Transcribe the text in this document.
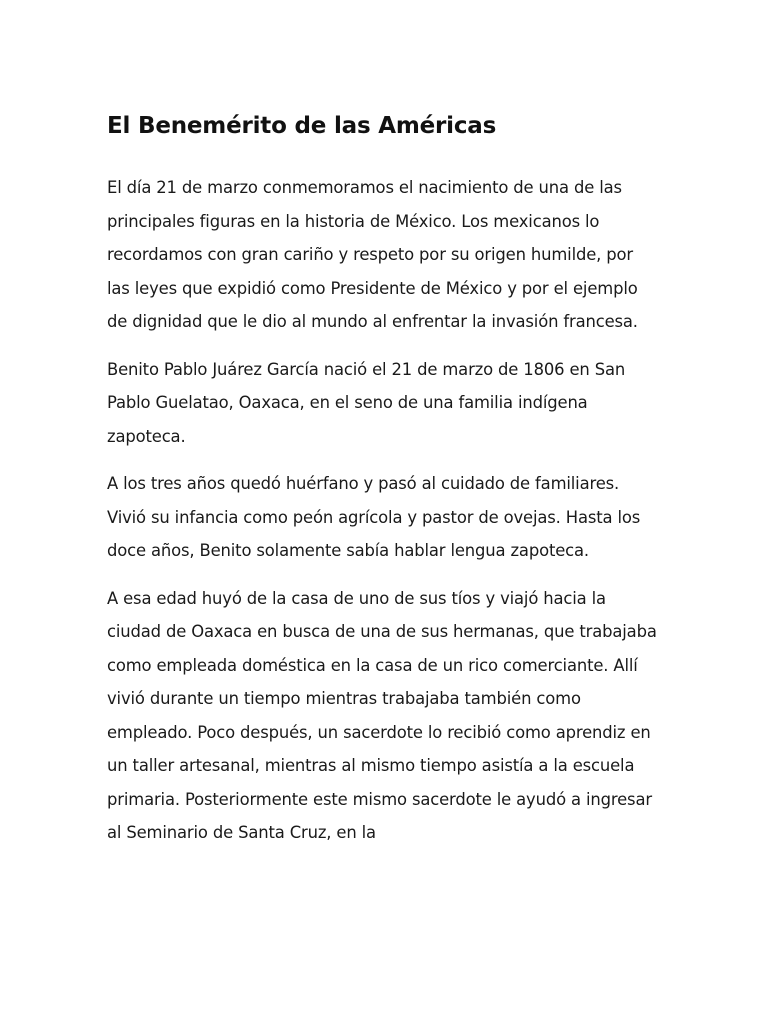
El Benemérito de las Américas

El día 21 de marzo conmemoramos el nacimiento de una de las principales figuras en la historia de México. Los mexicanos lo recordamos con gran cariño y respeto por su origen humilde, por las leyes que expidió como Presidente de México y por el ejemplo de dignidad que le dio al mundo al enfrentar la invasión francesa.

Benito Pablo Juárez García nació el 21 de marzo de 1806 en San Pablo Guelatao, Oaxaca, en el seno de una familia indígena zapoteca.

A los tres años quedó huérfano y pasó al cuidado de familiares. Vivió su infancia como peón agrícola y pastor de ovejas. Hasta los doce años, Benito solamente sabía hablar lengua zapoteca.

A esa edad huyó de la casa de uno de sus tíos y viajó hacia la ciudad de Oaxaca en busca de una de sus hermanas, que trabajaba como empleada doméstica en la casa de un rico comerciante. Allí vivió durante un tiempo mientras trabajaba también como empleado. Poco después, un sacerdote lo recibió como aprendiz en un taller artesanal, mientras al mismo tiempo asistía a la escuela primaria. Posteriormente este mismo sacerdote le ayudó a ingresar al Seminario de Santa Cruz, en la
